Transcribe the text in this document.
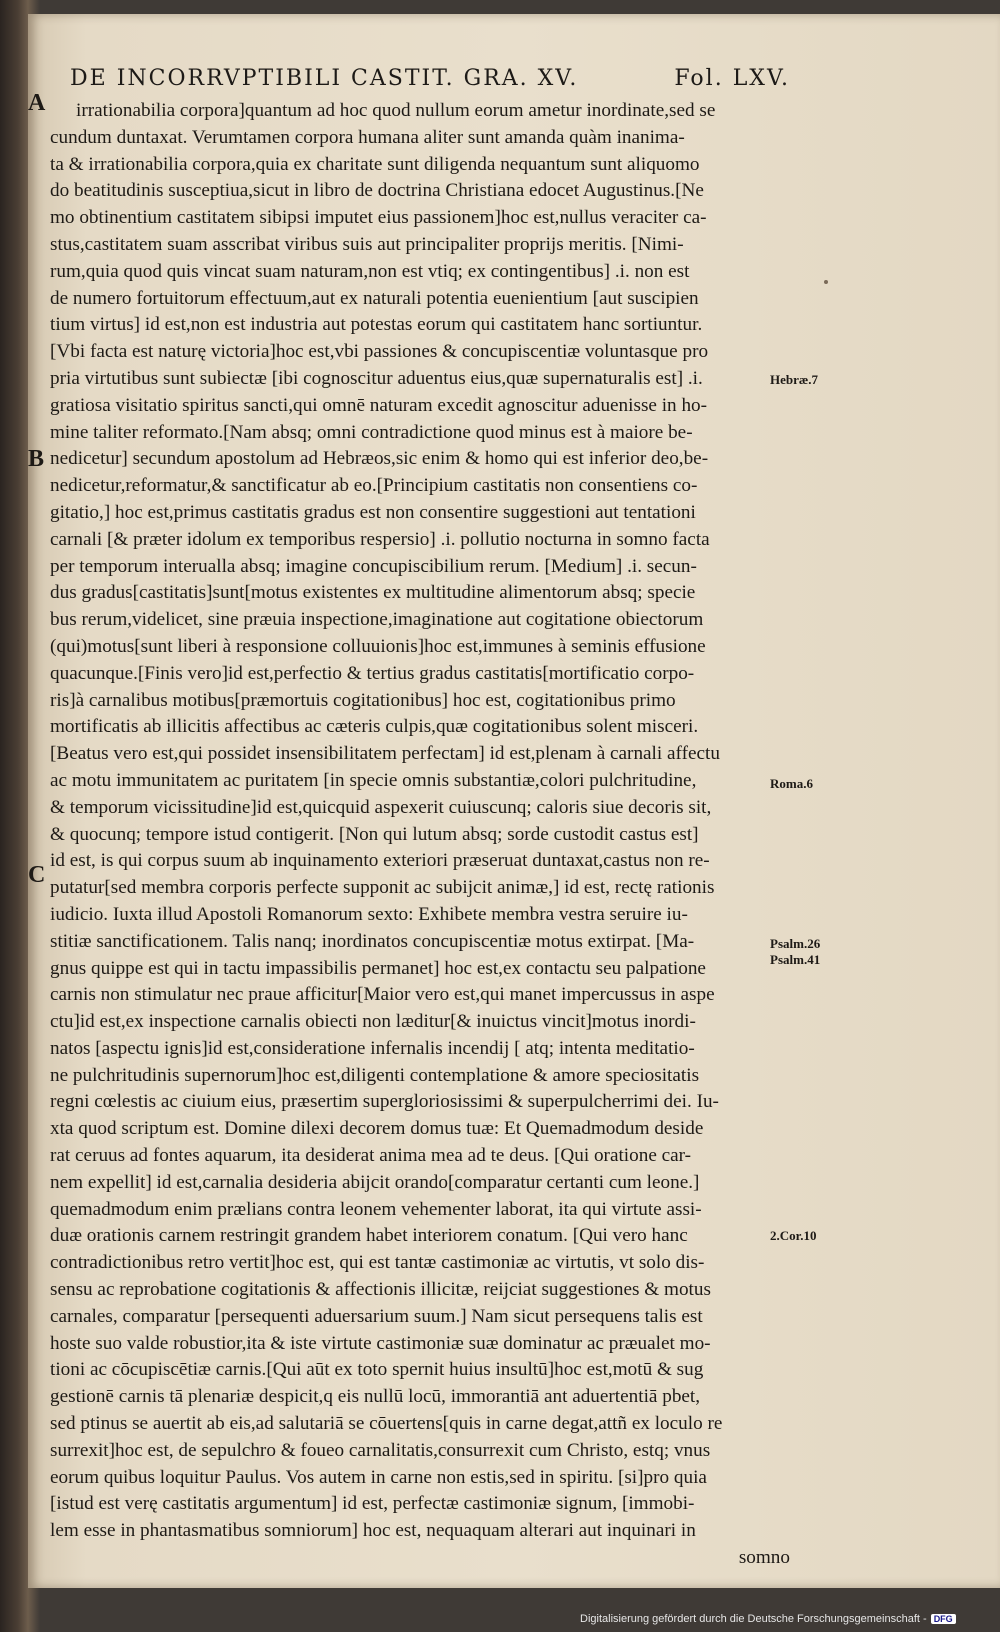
DE INCORRVPTIBILI CASTIT. GRA. XV.	Fol. LXV.
A
B
C
Hebræ.7
Roma.6
Psalm.26
Psalm.41
2.Cor.10
irrationabilia corpora]quantum ad hoc quod nullum eorum ametur inordinate,sed se
cundum duntaxat. Verumtamen corpora humana aliter sunt amanda quàm inanima-
ta & irrationabilia corpora,quia ex charitate sunt diligenda nequantum sunt aliquomo
do beatitudinis susceptiua,sicut in libro de doctrina Christiana edocet Augustinus.[Ne
mo obtinentium castitatem sibipsi imputet eius passionem]hoc est,nullus veraciter ca-
stus,castitatem suam asscribat viribus suis aut principaliter proprijs meritis. [Nimi-
rum,quia quod quis vincat suam naturam,non est vtiq; ex contingentibus] .i. non est
de numero fortuitorum effectuum,aut ex naturali potentia euenientium [aut suscipien
tium virtus] id est,non est industria aut potestas eorum qui castitatem hanc sortiuntur.
[Vbi facta est naturę victoria]hoc est,vbi passiones & concupiscentiæ voluntasque pro
pria virtutibus sunt subiectæ [ibi cognoscitur aduentus eius,quæ supernaturalis est] .i.
gratiosa visitatio spiritus sancti,qui omnē naturam excedit agnoscitur aduenisse in ho-
mine taliter reformato.[Nam absq; omni contradictione quod minus est à maiore be-
nedicetur] secundum apostolum ad Hebræos,sic enim & homo qui est inferior deo,be-
nedicetur,reformatur,& sanctificatur ab eo.[Principium castitatis non consentiens co-
gitatio,] hoc est,primus castitatis gradus est non consentire suggestioni aut tentationi
carnali [& præter idolum ex temporibus respersio] .i. pollutio nocturna in somno facta
per temporum interualla absq; imagine concupiscibilium rerum. [Medium] .i. secun-
dus gradus[castitatis]sunt[motus existentes ex multitudine alimentorum absq; specie
bus rerum,videlicet, sine præuia inspectione,imaginatione aut cogitatione obiectorum
(qui)motus[sunt liberi à responsione colluuionis]hoc est,immunes à seminis effusione
quacunque.[Finis vero]id est,perfectio & tertius gradus castitatis[mortificatio corpo-
ris]à carnalibus motibus[præmortuis cogitationibus] hoc est, cogitationibus primo
mortificatis ab illicitis affectibus ac cæteris culpis,quæ cogitationibus solent misceri.
[Beatus vero est,qui possidet insensibilitatem perfectam] id est,plenam à carnali affectu
ac motu immunitatem ac puritatem [in specie omnis substantiæ,colori pulchritudine,
& temporum vicissitudine]id est,quicquid aspexerit cuiuscunq; caloris siue decoris sit,
& quocunq; tempore istud contigerit. [Non qui lutum absq; sorde custodit castus est]
id est, is qui corpus suum ab inquinamento exteriori præseruat duntaxat,castus non re-
putatur[sed membra corporis perfecte supponit ac subijcit animæ,] id est, rectę rationis
iudicio. Iuxta illud Apostoli Romanorum sexto: Exhibete membra vestra seruire iu-
stitiæ sanctificationem. Talis nanq; inordinatos concupiscentiæ motus extirpat. [Ma-
gnus quippe est qui in tactu impassibilis permanet] hoc est,ex contactu seu palpatione
carnis non stimulatur nec praue afficitur[Maior vero est,qui manet impercussus in aspe
ctu]id est,ex inspectione carnalis obiecti non læditur[& inuictus vincit]motus inordi-
natos [aspectu ignis]id est,consideratione infernalis incendij [ atq; intenta meditatio-
ne pulchritudinis supernorum]hoc est,diligenti contemplatione & amore speciositatis
regni cœlestis ac ciuium eius, præsertim supergloriosissimi & superpulcherrimi dei. Iu-
xta quod scriptum est. Domine dilexi decorem domus tuæ: Et Quemadmodum deside
rat ceruus ad fontes aquarum, ita desiderat anima mea ad te deus. [Qui oratione car-
nem expellit] id est,carnalia desideria abijcit orando[comparatur certanti cum leone.]
quemadmodum enim prælians contra leonem vehementer laborat, ita qui virtute assi-
duæ orationis carnem restringit grandem habet interiorem conatum. [Qui vero hanc
contradictionibus retro vertit]hoc est, qui est tantæ castimoniæ ac virtutis, vt solo dis-
sensu ac reprobatione cogitationis & affectionis illicitæ, reijciat suggestiones & motus
carnales, comparatur [persequenti aduersarium suum.] Nam sicut persequens talis est
hoste suo valde robustior,ita & iste virtute castimoniæ suæ dominatur ac præualet mo-
tioni ac cōcupiscētiæ carnis.[Qui aūt ex toto spernit huius insultū]hoc est,motū & sug
gestionē carnis tā plenariæ despicit,q eis nullū locū, immorantiā ant aduertentiā pbet,
sed ptinus se auertit ab eis,ad salutariā se cōuertens[quis in carne degat,attñ ex loculo re
surrexit]hoc est, de sepulchro & foueo carnalitatis,consurrexit cum Christo, estq; vnus
eorum quibus loquitur Paulus. Vos autem in carne non estis,sed in spiritu. [si]pro quia
[istud est verę castitatis argumentum] id est, perfectæ castimoniæ signum, [immobi-
lem esse in phantasmatibus somniorum] hoc est, nequaquam alterari aut inquinari in
somno
Digitalisierung gefördert durch die Deutsche Forschungsgemeinschaft - DFG
